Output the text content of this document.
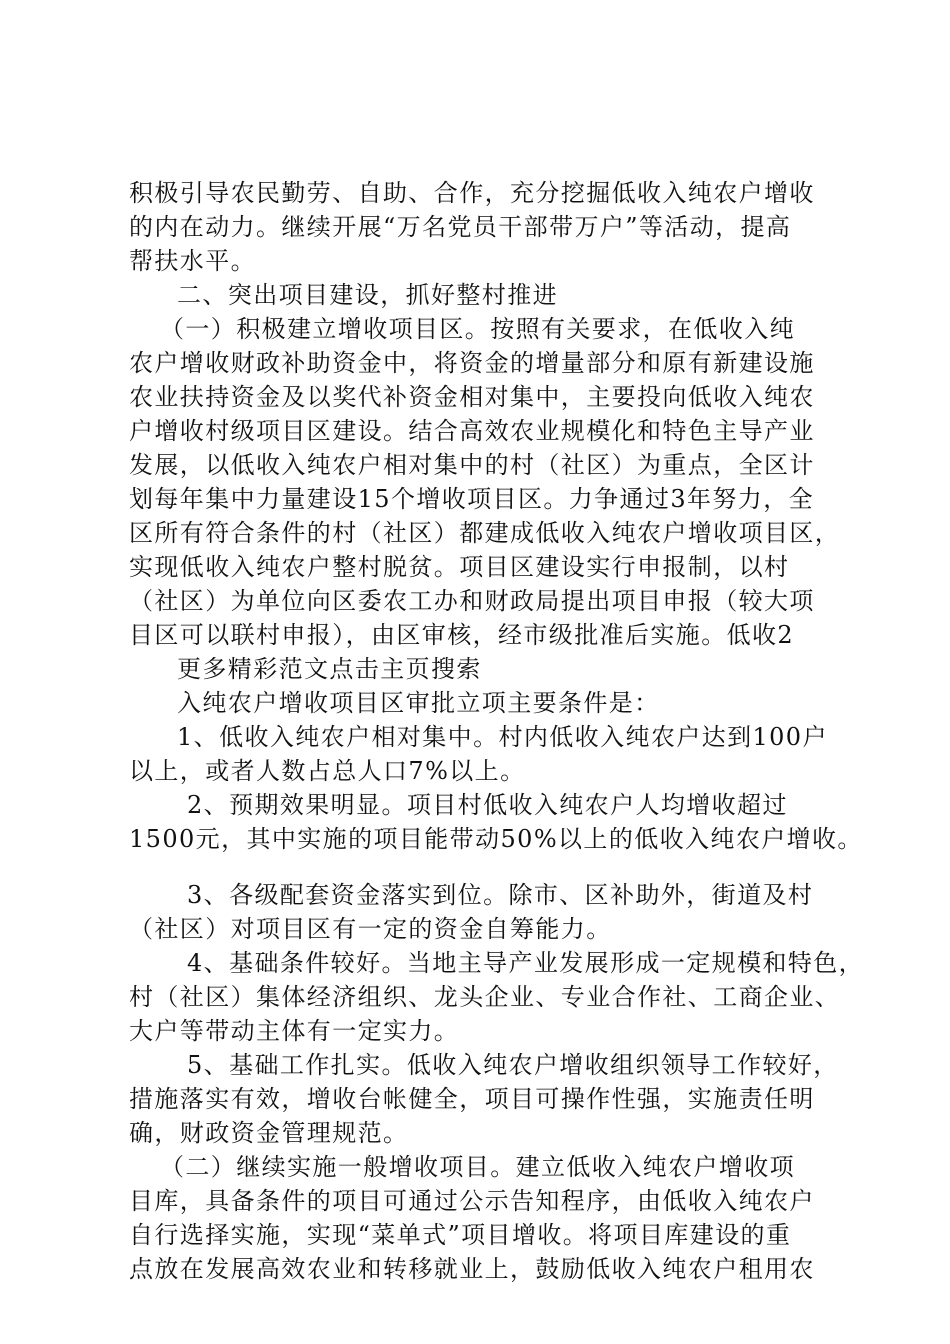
积极引导农民勤劳、自助、合作，充分挖掘低收入纯农户增收
的内在动力。继续开展“万名党员干部带万户”等活动，提高
帮扶水平。
二、突出项目建设，抓好整村推进
（一）积极建立增收项目区。按照有关要求，在低收入纯
农户增收财政补助资金中，将资金的增量部分和原有新建设施
农业扶持资金及以奖代补资金相对集中，主要投向低收入纯农
户增收村级项目区建设。结合高效农业规模化和特色主导产业
发展，以低收入纯农户相对集中的村（社区）为重点，全区计
划每年集中力量建设15个增收项目区。力争通过3年努力，全
区所有符合条件的村（社区）都建成低收入纯农户增收项目区，
实现低收入纯农户整村脱贫。项目区建设实行申报制，以村
（社区）为单位向区委农工办和财政局提出项目申报（较大项
目区可以联村申报），由区审核，经市级批准后实施。低收2
更多精彩范文点击主页搜索
入纯农户增收项目区审批立项主要条件是：
1、低收入纯农户相对集中。村内低收入纯农户达到100户
以上，或者人数占总人口7%以上。
2、预期效果明显。项目村低收入纯农户人均增收超过
1500元，其中实施的项目能带动50%以上的低收入纯农户增收。
3、各级配套资金落实到位。除市、区补助外，街道及村
（社区）对项目区有一定的资金自筹能力。
4、基础条件较好。当地主导产业发展形成一定规模和特色，
村（社区）集体经济组织、龙头企业、专业合作社、工商企业、
大户等带动主体有一定实力。
5、基础工作扎实。低收入纯农户增收组织领导工作较好，
措施落实有效，增收台帐健全，项目可操作性强，实施责任明
确，财政资金管理规范。
（二）继续实施一般增收项目。建立低收入纯农户增收项
目库，具备条件的项目可通过公示告知程序，由低收入纯农户
自行选择实施，实现“菜单式”项目增收。将项目库建设的重
点放在发展高效农业和转移就业上，鼓励低收入纯农户租用农
